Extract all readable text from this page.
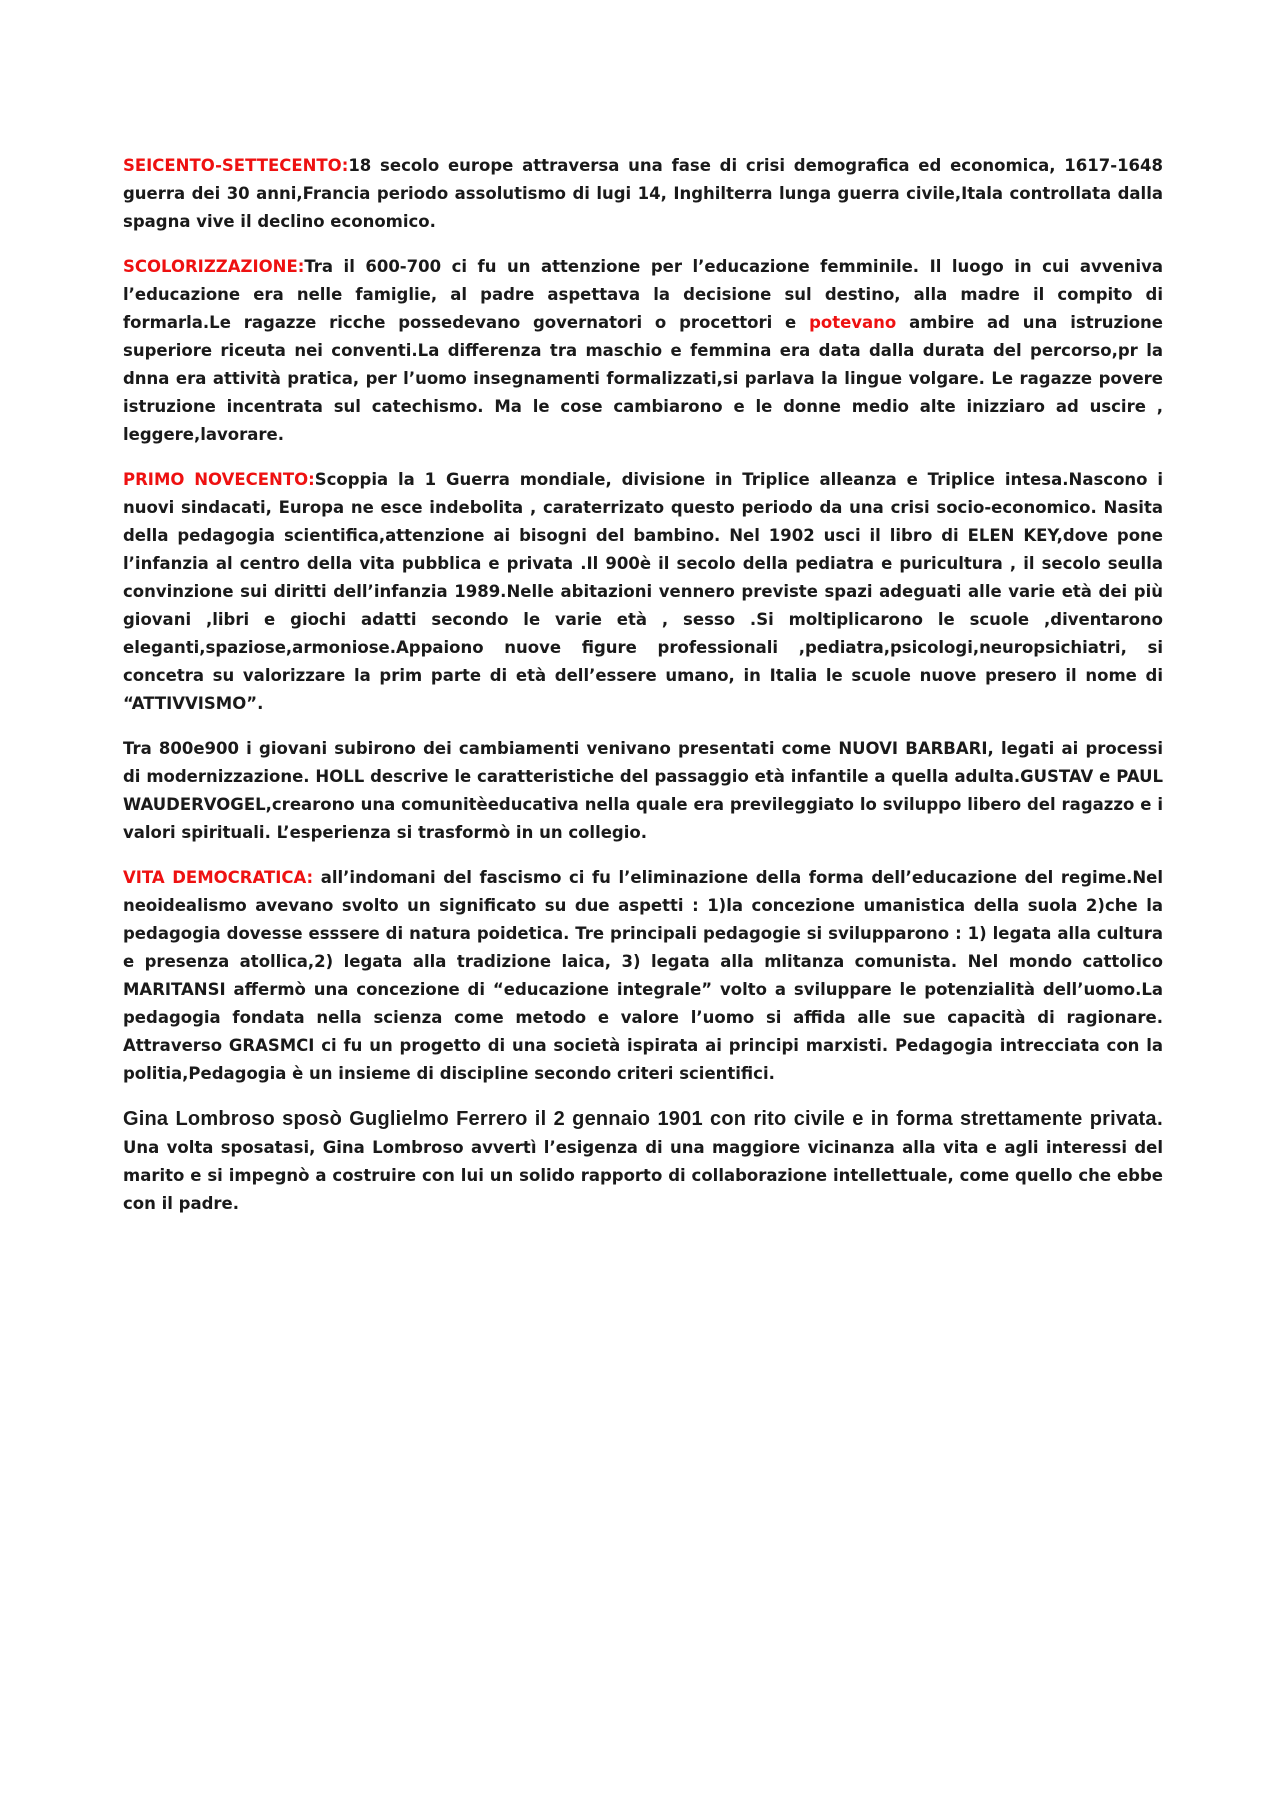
SEICENTO-SETTECENTO:18 secolo europe attraversa una fase di crisi demografica ed economica, 1617-1648 guerra dei 30 anni,Francia periodo assolutismo di lugi 14, Inghilterra lunga guerra civile,Itala controllata dalla spagna vive il declino economico.

SCOLORIZZAZIONE:Tra il 600-700 ci fu un attenzione per l’educazione femminile. Il luogo in cui avveniva l’educazione era nelle famiglie, al padre aspettava la decisione sul destino, alla madre il compito di formarla.Le ragazze ricche possedevano governatori o procettori e potevano ambire ad una istruzione superiore riceuta nei conventi.La differenza tra maschio e femmina era data dalla durata del percorso,pr la dnna era attività pratica, per l’uomo insegnamenti formalizzati,si parlava la lingue volgare. Le ragazze povere istruzione incentrata sul catechismo. Ma le cose cambiarono e le donne medio alte inizziaro ad uscire , leggere,lavorare.

PRIMO NOVECENTO:Scoppia la 1 Guerra mondiale, divisione in Triplice alleanza e Triplice intesa.Nascono i nuovi sindacati, Europa ne esce indebolita , caraterrizato questo periodo da una crisi socio-economico. Nasita della pedagogia scientifica,attenzione ai bisogni del bambino. Nel 1902 usci il libro di ELEN KEY,dove pone l’infanzia al centro della vita pubblica e privata .Il 900è il secolo della pediatra e puricultura , il secolo seulla convinzione sui diritti dell’infanzia 1989.Nelle abitazioni vennero previste spazi adeguati alle varie età dei più giovani ,libri e giochi adatti secondo le varie età , sesso .Si moltiplicarono le scuole ,diventarono eleganti,spaziose,armoniose.Appaiono nuove figure professionali ,pediatra,psicologi,neuropsichiatri, si concetra su valorizzare la prim parte di età dell’essere umano, in Italia le scuole nuove presero il nome di “ATTIVVISMO”.

Tra 800e900 i giovani subirono dei cambiamenti venivano presentati come NUOVI BARBARI, legati ai processi di modernizzazione. HOLL descrive le caratteristiche del passaggio età infantile a quella adulta.GUSTAV e PAUL WAUDERVOGEL,crearono una comunitèeducativa nella quale era previleggiato lo sviluppo libero del ragazzo e i valori spirituali. L’esperienza si trasformò in un collegio.

VITA DEMOCRATICA: all’indomani del fascismo ci fu l’eliminazione della forma dell’educazione del regime.Nel neoidealismo avevano svolto un significato su due aspetti : 1)la concezione umanistica della suola 2)che la pedagogia dovesse esssere di natura poidetica. Tre principali pedagogie si svilupparono : 1) legata alla cultura e presenza atollica,2) legata alla tradizione laica, 3) legata alla mlitanza comunista. Nel mondo cattolico MARITANSI affermò una concezione di “educazione integrale” volto a sviluppare le potenzialità dell’uomo.La pedagogia fondata nella scienza come metodo e valore l’uomo si affida alle sue capacità di ragionare. Attraverso GRASMCI ci fu un progetto di una società ispirata ai principi marxisti. Pedagogia intrecciata con la politia,Pedagogia è un insieme di discipline secondo criteri scientifici.

Gina Lombroso sposò Guglielmo Ferrero il 2 gennaio 1901 con rito civile e in forma strettamente privata. Una volta sposatasi, Gina Lombroso avvertì l’esigenza di una maggiore vicinanza alla vita e agli interessi del marito e si impegnò a costruire con lui un solido rapporto di collaborazione intellettuale, come quello che ebbe con il padre.
